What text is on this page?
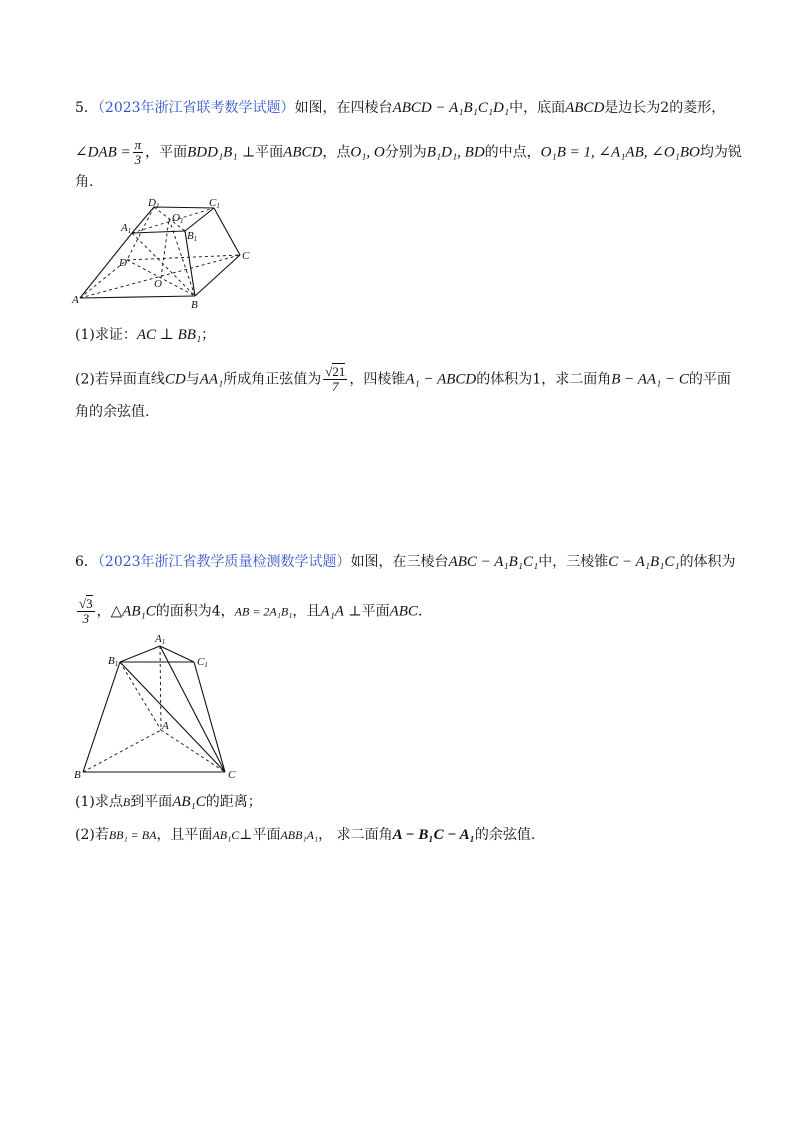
5．（2023年浙江省联考数学试题）如图，在四棱台ABCD − A₁B₁C₁D₁中，底面ABCD是边长为2的菱形，
∠DAB = $\frac{\pi}{3}$ ，平面BDD₁B₁ ⊥平面ABCD，点O₁, O分别为B₁D₁, BD的中点，O₁B = 1, ∠A₁AB, ∠O₁BO均为锐
角.
D1	C1
A1
O1
B1
D
C
O
A	B
(1)求证：AC ⊥ BB₁；
(2)若异面直线CD与AA₁所成角正弦值为 $\frac{√21}{7}$ ，四棱锥A₁ − ABCD的体积为1，求二面角B − AA₁ − C的平面
角的余弦值.
6．（2023年浙江省教学质量检测数学试题）如图，在三棱台ABC − A₁B₁C₁中，三棱锥C − A₁B₁C₁的体积为
$\frac{√3}{3}$ ，△AB₁C的面积为4，AB = 2A₁B₁，且A₁A ⊥平面ABC.
A1
B1	C1
A
B	C
(1)求点B到平面AB₁C的距离；
(2)若BB₁ = BA，且平面AB₁C⊥平面ABB₁A₁， 求二面角A − B₁C − A₁的余弦值.
